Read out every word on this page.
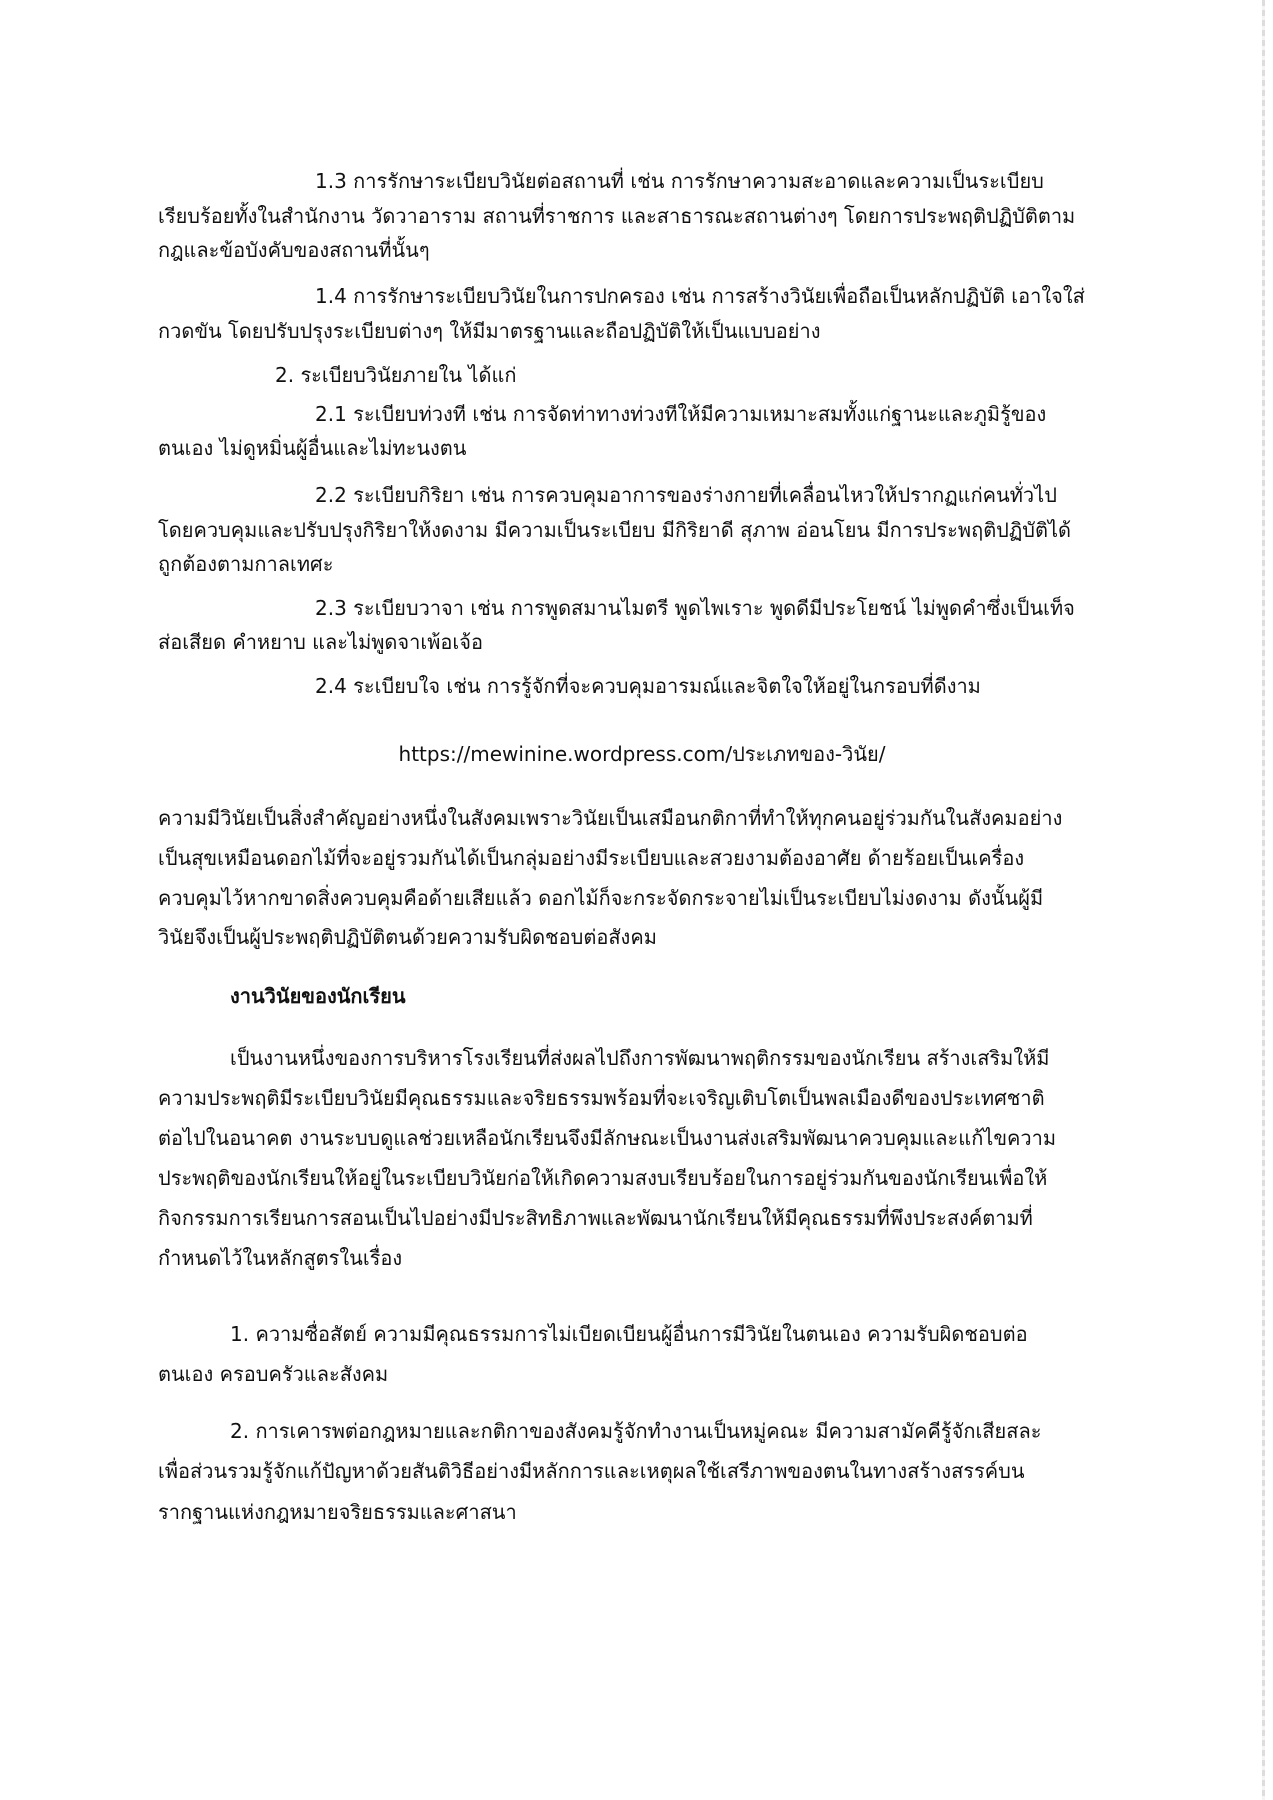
1.3 การรักษาระเบียบวินัยต่อสถานที่ เช่น การรักษาความสะอาดและความเป็นระเบียบ
เรียบร้อยทั้งในสำนักงาน วัดวาอาราม สถานที่ราชการ และสาธารณะสถานต่างๆ โดยการประพฤติปฏิบัติตาม
กฎและข้อบังคับของสถานที่นั้นๆ
1.4 การรักษาระเบียบวินัยในการปกครอง เช่น การสร้างวินัยเพื่อถือเป็นหลักปฏิบัติ เอาใจใส่
กวดขัน โดยปรับปรุงระเบียบต่างๆ ให้มีมาตรฐานและถือปฏิบัติให้เป็นแบบอย่าง
2. ระเบียบวินัยภายใน ได้แก่
2.1 ระเบียบท่วงที เช่น การจัดท่าทางท่วงทีให้มีความเหมาะสมทั้งแก่ฐานะและภูมิรู้ของ
ตนเอง ไม่ดูหมิ่นผู้อื่นและไม่ทะนงตน
2.2 ระเบียบกิริยา เช่น การควบคุมอาการของร่างกายที่เคลื่อนไหวให้ปรากฏแก่คนทั่วไป
โดยควบคุมและปรับปรุงกิริยาให้งดงาม มีความเป็นระเบียบ มีกิริยาดี สุภาพ อ่อนโยน มีการประพฤติปฏิบัติได้
ถูกต้องตามกาลเทศะ
2.3 ระเบียบวาจา เช่น การพูดสมานไมตรี พูดไพเราะ พูดดีมีประโยชน์ ไม่พูดคำซึ่งเป็นเท็จ
ส่อเสียด คำหยาบ และไม่พูดจาเพ้อเจ้อ
2.4 ระเบียบใจ เช่น การรู้จักที่จะควบคุมอารมณ์และจิตใจให้อยู่ในกรอบที่ดีงาม
https://mewinine.wordpress.com/ประเภทของ-วินัย/
ความมีวินัยเป็นสิ่งสำคัญอย่างหนึ่งในสังคมเพราะวินัยเป็นเสมือนกติกาที่ทำให้ทุกคนอยู่ร่วมกันในสังคมอย่าง
เป็นสุขเหมือนดอกไม้ที่จะอยู่รวมกันได้เป็นกลุ่มอย่างมีระเบียบและสวยงามต้องอาศัย ด้ายร้อยเป็นเครื่อง
ควบคุมไว้หากขาดสิ่งควบคุมคือด้ายเสียแล้ว ดอกไม้ก็จะกระจัดกระจายไม่เป็นระเบียบไม่งดงาม ดังนั้นผู้มี
วินัยจึงเป็นผู้ประพฤติปฏิบัติตนด้วยความรับผิดชอบต่อสังคม
งานวินัยของนักเรียน
เป็นงานหนึ่งของการบริหารโรงเรียนที่ส่งผลไปถึงการพัฒนาพฤติกรรมของนักเรียน สร้างเสริมให้มี
ความประพฤติมีระเบียบวินัยมีคุณธรรมและจริยธรรมพร้อมที่จะเจริญเติบโตเป็นพลเมืองดีของประเทศชาติ
ต่อไปในอนาคต งานระบบดูแลช่วยเหลือนักเรียนจึงมีลักษณะเป็นงานส่งเสริมพัฒนาควบคุมและแก้ไขความ
ประพฤติของนักเรียนให้อยู่ในระเบียบวินัยก่อให้เกิดความสงบเรียบร้อยในการอยู่ร่วมกันของนักเรียนเพื่อให้
กิจกรรมการเรียนการสอนเป็นไปอย่างมีประสิทธิภาพและพัฒนานักเรียนให้มีคุณธรรมที่พึงประสงค์ตามที่
กำหนดไว้ในหลักสูตรในเรื่อง
1. ความซื่อสัตย์ ความมีคุณธรรมการไม่เบียดเบียนผู้อื่นการมีวินัยในตนเอง ความรับผิดชอบต่อ
ตนเอง ครอบครัวและสังคม
2. การเคารพต่อกฎหมายและกติกาของสังคมรู้จักทำงานเป็นหมู่คณะ มีความสามัคคีรู้จักเสียสละ
เพื่อส่วนรวมรู้จักแก้ปัญหาด้วยสันติวิธีอย่างมีหลักการและเหตุผลใช้เสรีภาพของตนในทางสร้างสรรค์บน
รากฐานแห่งกฎหมายจริยธรรมและศาสนา
